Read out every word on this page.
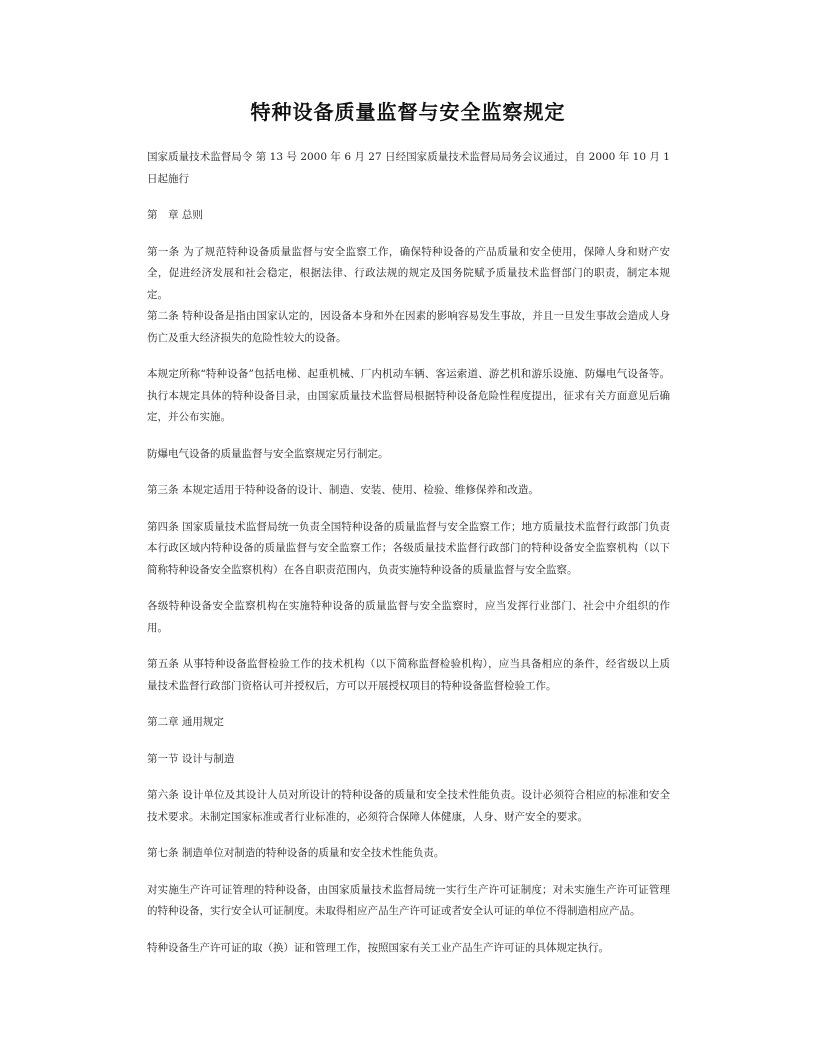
特种设备质量监督与安全监察规定

国家质量技术监督局令 第 13 号 2000 年 6 月 27 日经国家质量技术监督局局务会议通过，自 2000 年 10 月 1 日起施行

第　章 总则

第一条 为了规范特种设备质量监督与安全监察工作，确保特种设备的产品质量和安全使用，保障人身和财产安全，促进经济发展和社会稳定，根据法律、行政法规的规定及国务院赋予质量技术监督部门的职责，制定本规定。

第二条 特种设备是指由国家认定的，因设备本身和外在因素的影响容易发生事故，并且一旦发生事故会造成人身伤亡及重大经济损失的危险性较大的设备。

本规定所称“特种设备”包括电梯、起重机械、厂内机动车辆、客运索道、游艺机和游乐设施、防爆电气设备等。执行本规定具体的特种设备目录，由国家质量技术监督局根据特种设备危险性程度提出，征求有关方面意见后确定，并公布实施。

防爆电气设备的质量监督与安全监察规定另行制定。

第三条 本规定适用于特种设备的设计、制造、安装、使用、检验、维修保养和改造。

第四条 国家质量技术监督局统一负责全国特种设备的质量监督与安全监察工作；地方质量技术监督行政部门负责本行政区域内特种设备的质量监督与安全监察工作；各级质量技术监督行政部门的特种设备安全监察机构（以下简称特种设备安全监察机构）在各自职责范围内，负责实施特种设备的质量监督与安全监察。

各级特种设备安全监察机构在实施特种设备的质量监督与安全监察时，应当发挥行业部门、社会中介组织的作用。

第五条 从事特种设备监督检验工作的技术机构（以下简称监督检验机构），应当具备相应的条件，经省级以上质量技术监督行政部门资格认可并授权后，方可以开展授权项目的特种设备监督检验工作。

第二章 通用规定

第一节 设计与制造

第六条 设计单位及其设计人员对所设计的特种设备的质量和安全技术性能负责。设计必须符合相应的标准和安全技术要求。未制定国家标准或者行业标准的，必须符合保障人体健康，人身、财产安全的要求。

第七条 制造单位对制造的特种设备的质量和安全技术性能负责。

对实施生产许可证管理的特种设备，由国家质量技术监督局统一实行生产许可证制度；对未实施生产许可证管理的特种设备，实行安全认可证制度。未取得相应产品生产许可证或者安全认可证的单位不得制造相应产品。

特种设备生产许可证的取（换）证和管理工作，按照国家有关工业产品生产许可证的具体规定执行。
